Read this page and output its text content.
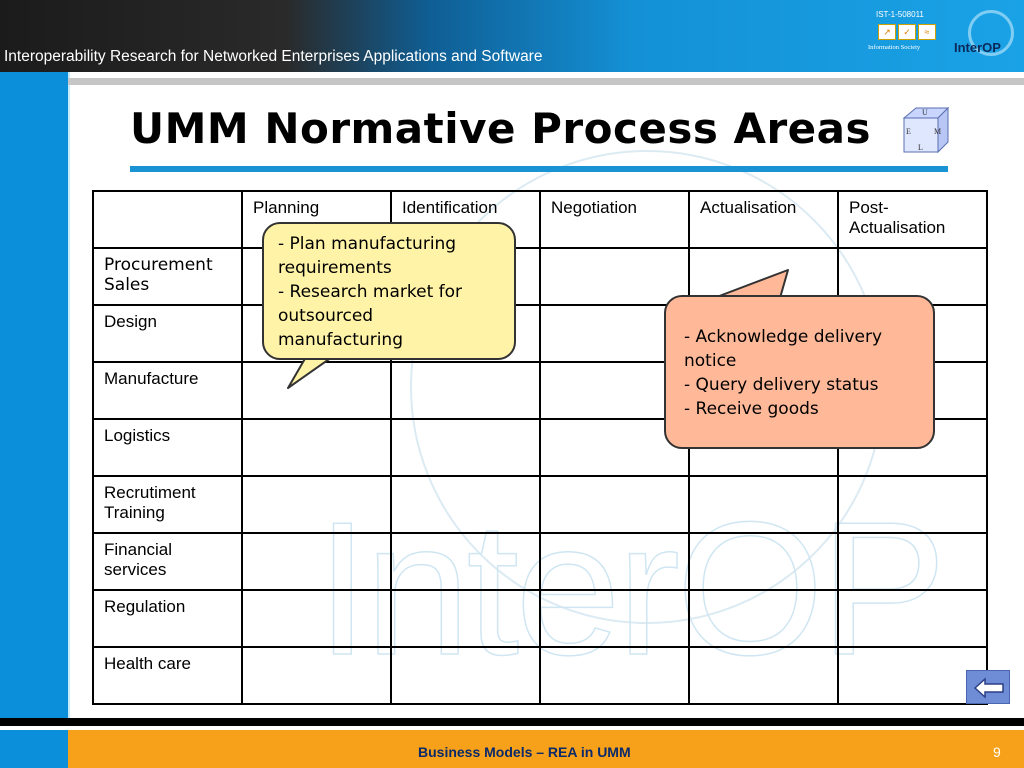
Interoperability Research for Networked Enterprises Applications and Software
IST-1-508011
↗	✓	≈
Information Society	InterOP
InterOP
UMM Normative Process Areas	U
M
L
E
	Planning	Identification	Negotiation	Actualisation	Post-Actualisation
Procurement Sales					
Design					
Manufacture					
Logistics					
Recrutiment Training					
Financial services					
Regulation					
Health care					
- Plan manufacturing requirements
- Research market for outsourced manufacturing	- Acknowledge delivery notice
- Query delivery status
- Receive goods
Business Models – REA in UMM	9
